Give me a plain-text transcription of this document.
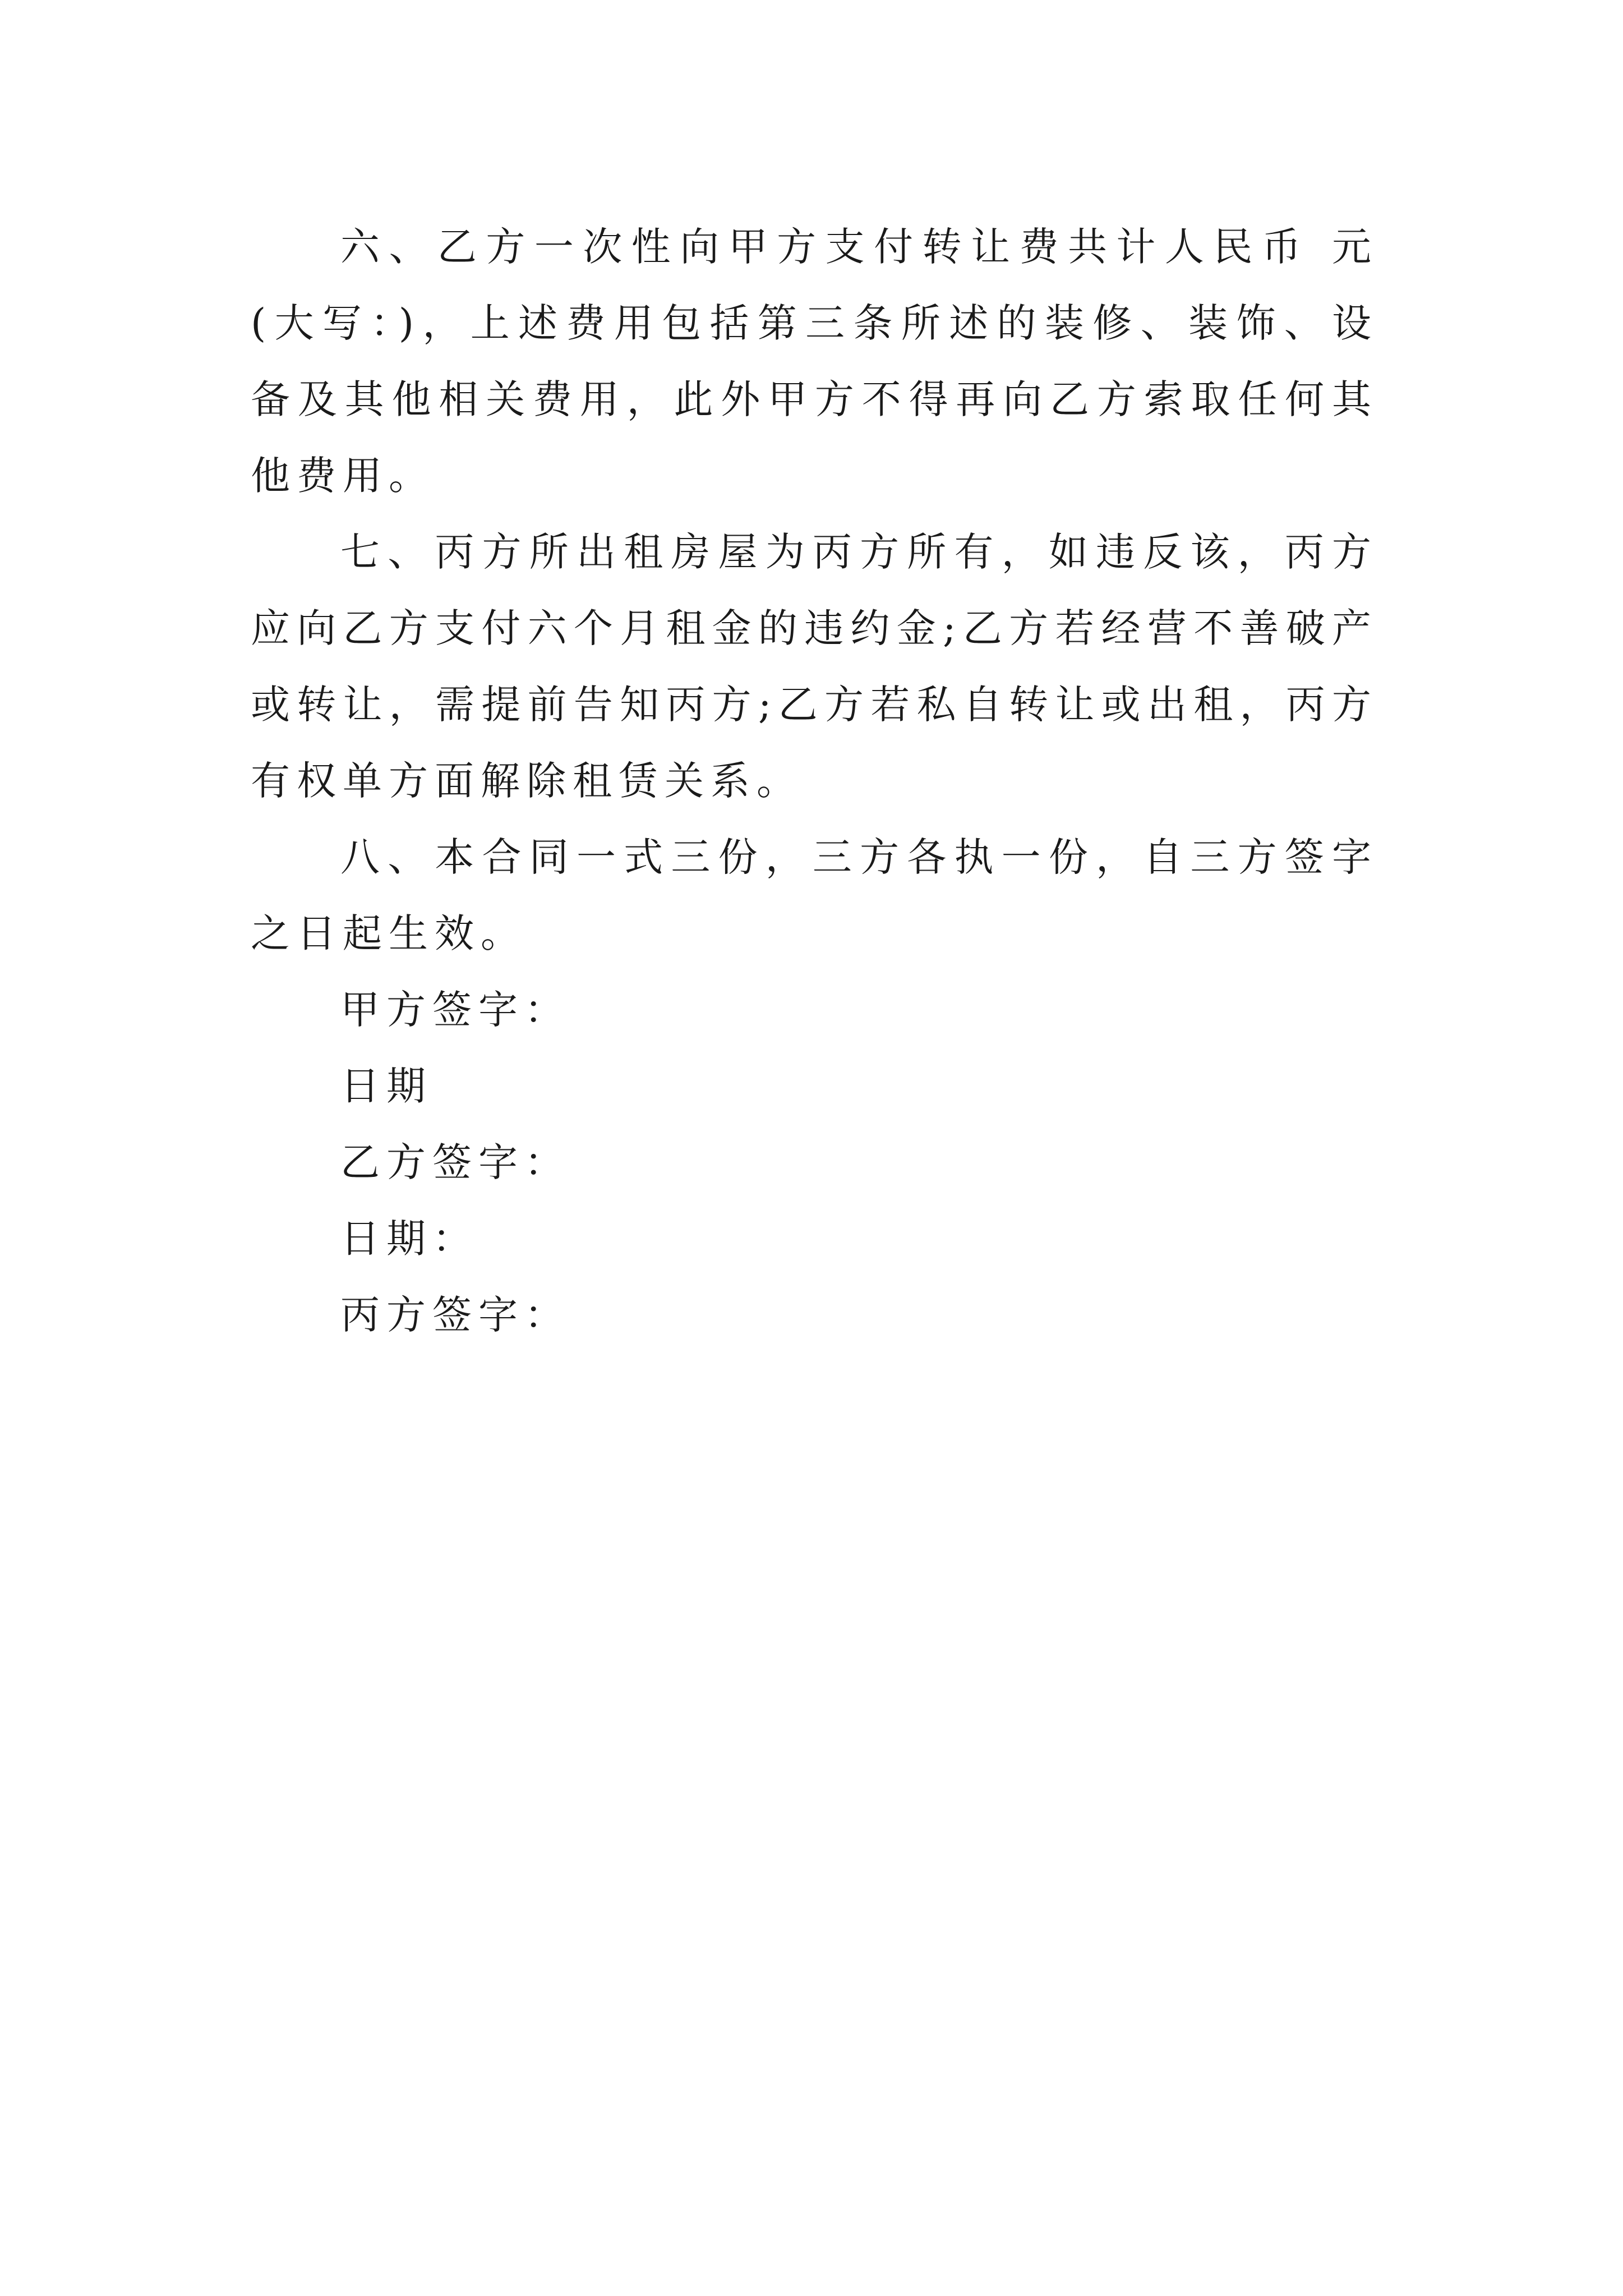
六、乙方一次性向甲方支付转让费共计人民币 元(大写：)，上述费用包括第三条所述的装修、装饰、设备及其他相关费用，此外甲方不得再向乙方索取任何其他费用。

七、丙方所出租房屋为丙方所有，如违反该，丙方应向乙方支付六个月租金的违约金;乙方若经营不善破产或转让，需提前告知丙方;乙方若私自转让或出租，丙方有权单方面解除租赁关系。

八、本合同一式三份，三方各执一份，自三方签字之日起生效。

甲方签字：

日期

乙方签字：

日期：

丙方签字：
